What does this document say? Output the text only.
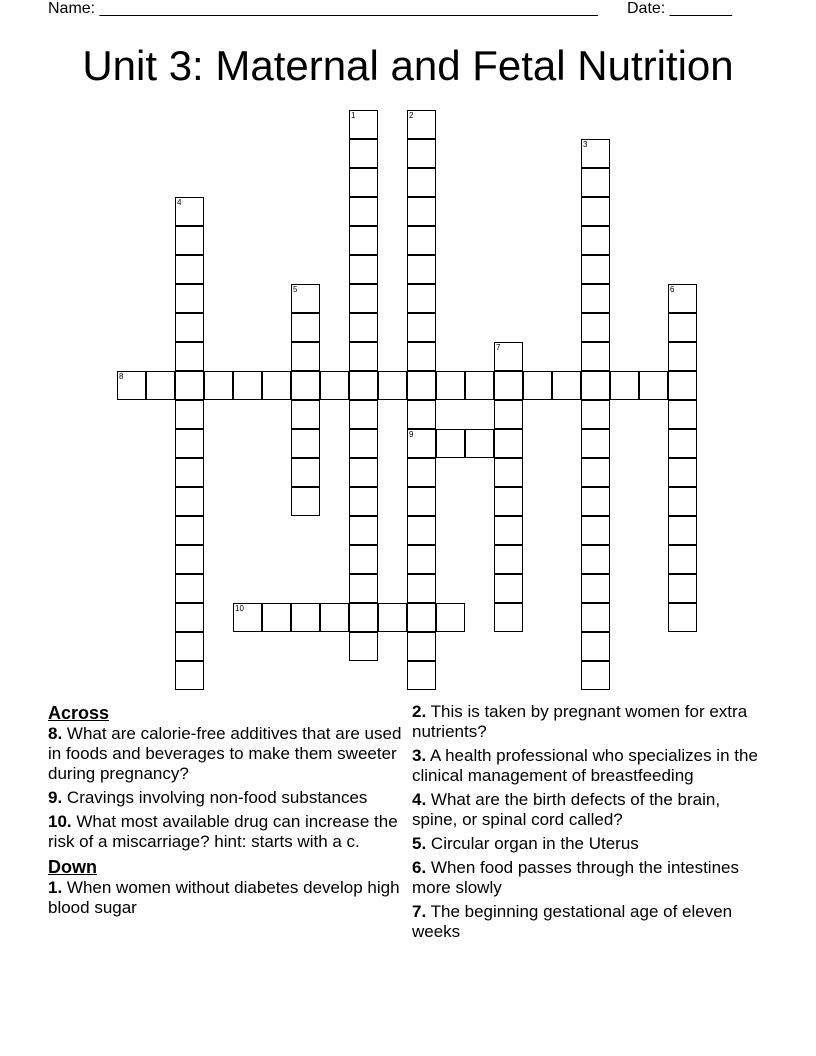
Name: ________________________________________________________ Date: _______
Unit 3: Maternal and Fetal Nutrition
1	2
9
3
4
5	6
7
8
10
Across
8. What are calorie-free additives that are used in foods and beverages to make them sweeter during pregnancy?
9. Cravings involving non-food substances
10. What most available drug can increase the risk of a miscarriage? hint: starts with a c.
Down
1. When women without diabetes develop high blood sugar
2. This is taken by pregnant women for extra nutrients?
3. A health professional who specializes in the clinical management of breastfeeding
4. What are the birth defects of the brain, spine, or spinal cord called?
5. Circular organ in the Uterus
6. When food passes through the intestines more slowly
7. The beginning gestational age of eleven weeks
